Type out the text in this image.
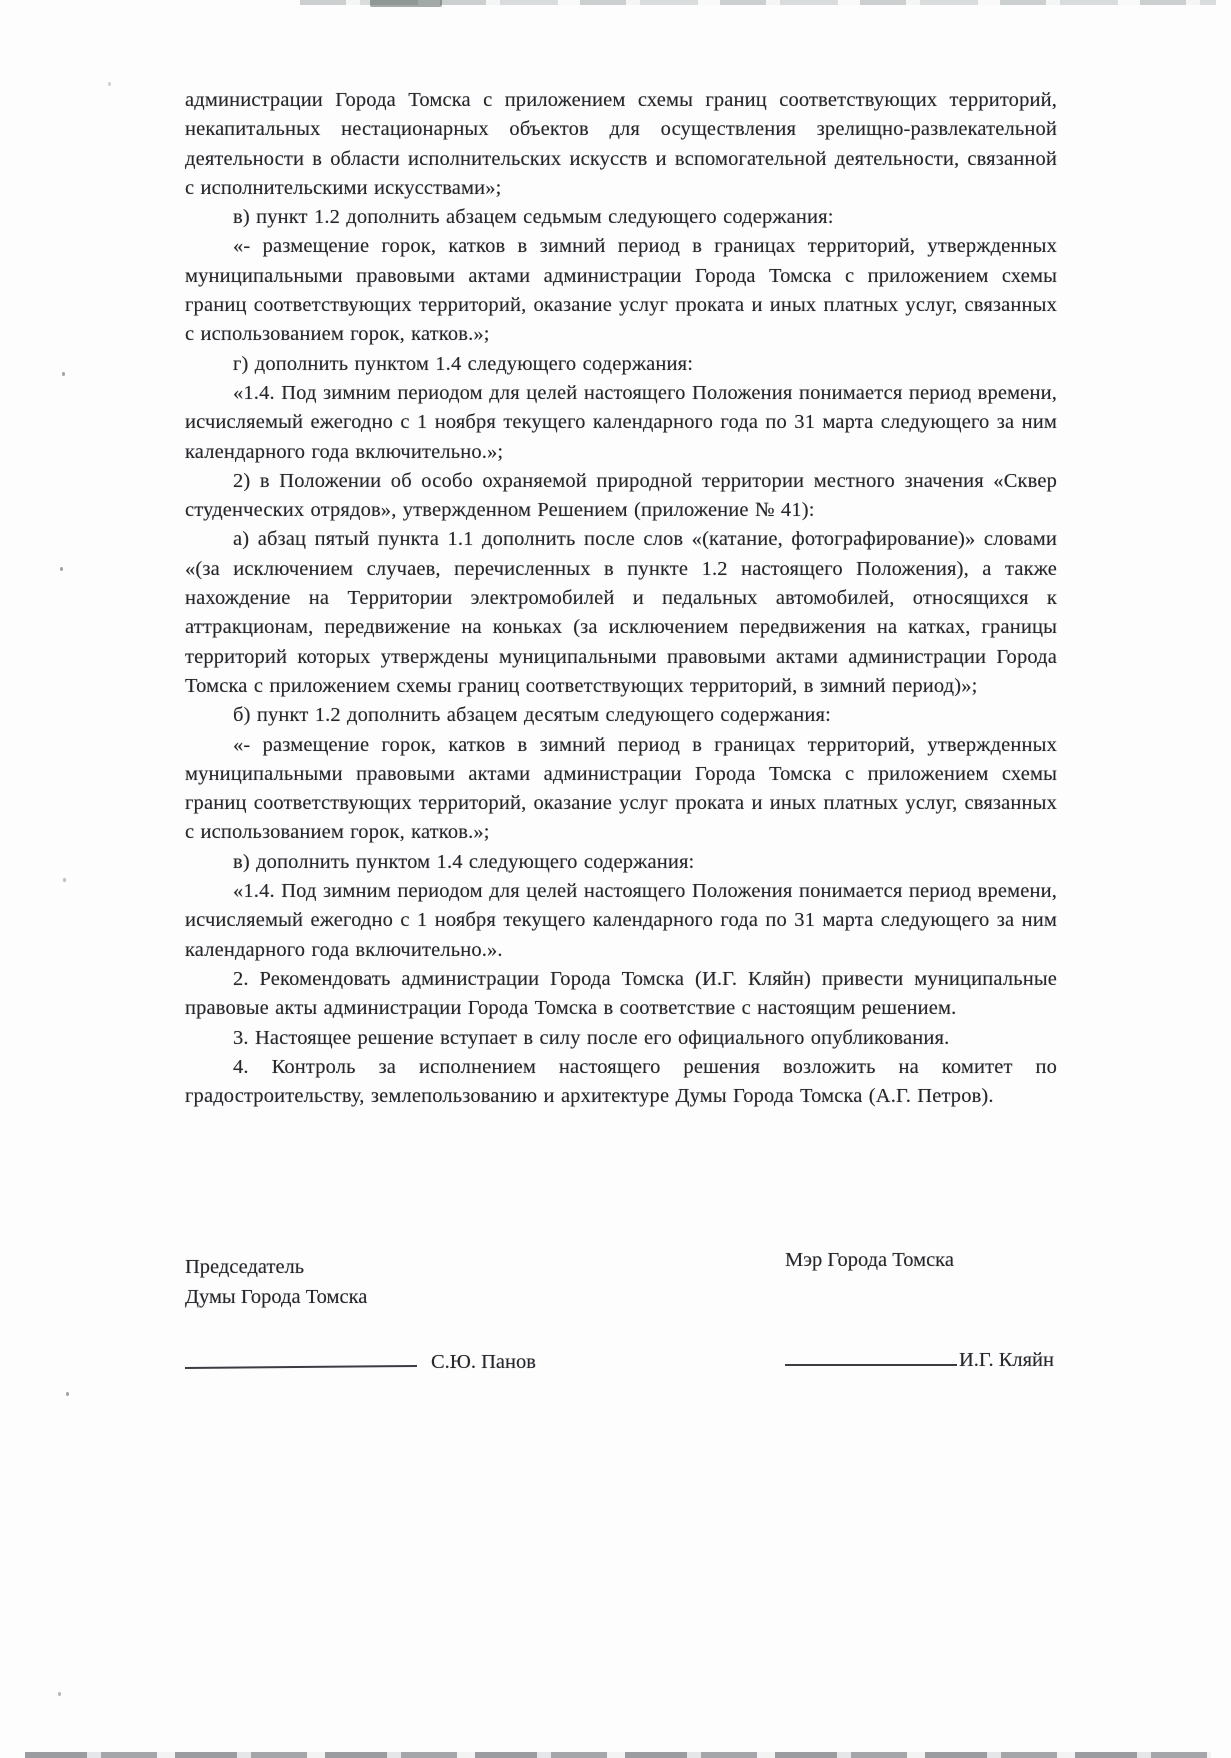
администрации Города Томска с приложением схемы границ соответствующих территорий, некапитальных нестационарных объектов для осуществления зрелищно-развлекательной деятельности в области исполнительских искусств и вспомогательной деятельности, связанной с исполнительскими искусствами»;

в) пункт 1.2 дополнить абзацем седьмым следующего содержания:

«- размещение горок, катков в зимний период в границах территорий, утвержденных муниципальными правовыми актами администрации Города Томска с приложением схемы границ соответствующих территорий, оказание услуг проката и иных платных услуг, связанных с использованием горок, катков.»;

г) дополнить пунктом 1.4 следующего содержания:

«1.4. Под зимним периодом для целей настоящего Положения понимается период времени, исчисляемый ежегодно с 1 ноября текущего календарного года по 31 марта следующего за ним календарного года включительно.»;

2) в Положении об особо охраняемой природной территории местного значения «Сквер студенческих отрядов», утвержденном Решением (приложение № 41):

а) абзац пятый пункта 1.1 дополнить после слов «(катание, фотографирование)» словами «(за исключением случаев, перечисленных в пункте 1.2 настоящего Положения), а также нахождение на Территории электромобилей и педальных автомобилей, относящихся к аттракционам, передвижение на коньках (за исключением передвижения на катках, границы территорий которых утверждены муниципальными правовыми актами администрации Города Томска с приложением схемы границ соответствующих территорий, в зимний период)»;

б) пункт 1.2 дополнить абзацем десятым следующего содержания:

«- размещение горок, катков в зимний период в границах территорий, утвержденных муниципальными правовыми актами администрации Города Томска с приложением схемы границ соответствующих территорий, оказание услуг проката и иных платных услуг, связанных с использованием горок, катков.»;

в) дополнить пунктом 1.4 следующего содержания:

«1.4. Под зимним периодом для целей настоящего Положения понимается период времени, исчисляемый ежегодно с 1 ноября текущего календарного года по 31 марта следующего за ним календарного года включительно.».

2. Рекомендовать администрации Города Томска (И.Г. Кляйн) привести муниципальные правовые акты администрации Города Томска в соответствие с настоящим решением.

3. Настоящее решение вступает в силу после его официального опубликования.

4. Контроль за исполнением настоящего решения возложить на комитет по градостроительству, землепользованию и архитектуре Думы Города Томска (А.Г. Петров).

Председатель
Думы Города Томска
С.Ю. Панов
Мэр Города Томска
И.Г. Кляйн
